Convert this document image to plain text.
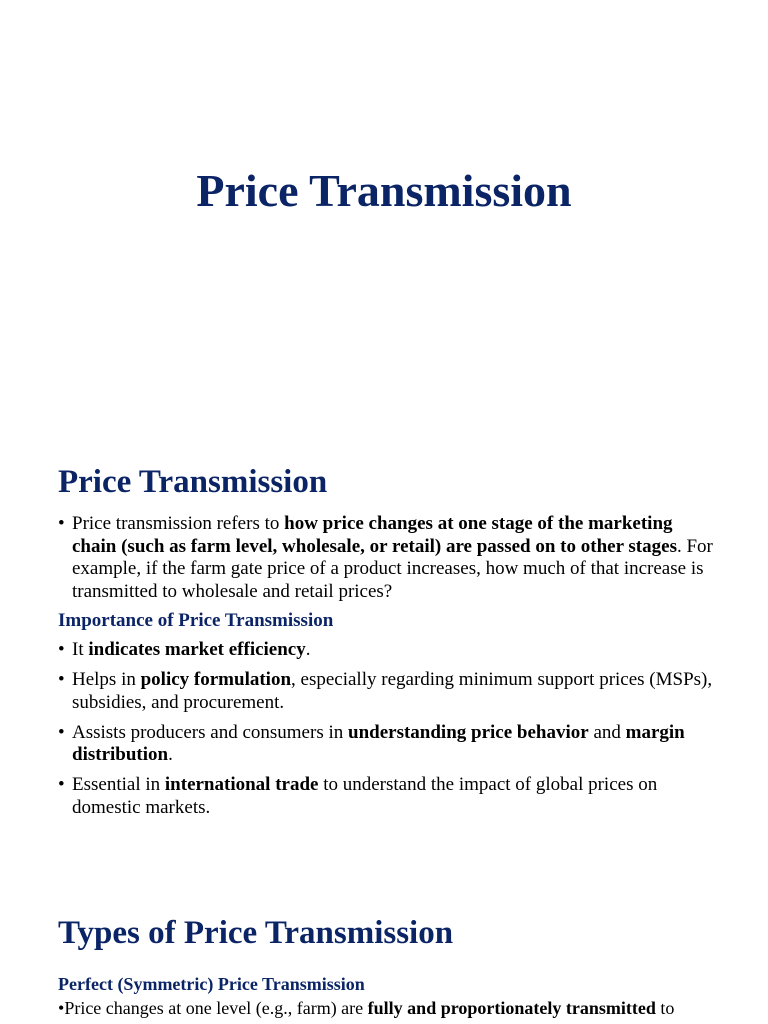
Price Transmission
Price Transmission
• Price transmission refers to how price changes at one stage of the marketing chain (such as farm level, wholesale, or retail) are passed on to other stages. For example, if the farm gate price of a product increases, how much of that increase is transmitted to wholesale and retail prices?

Importance of Price Transmission

• It indicates market efficiency.
• Helps in policy formulation, especially regarding minimum support prices (MSPs), subsidies, and procurement.
• Assists producers and consumers in understanding price behavior and margin distribution.
• Essential in international trade to understand the impact of global prices on domestic markets.
Types of Price Transmission

Perfect (Symmetric) Price Transmission

•Price changes at one level (e.g., farm) are fully and proportionately transmitted to
